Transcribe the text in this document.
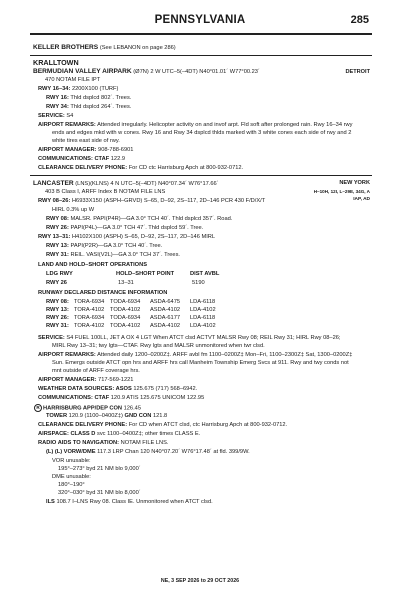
PENNSYLVANIA	285
KELLER BROTHERS (See LEBANON on page 286)
KRALLTOWN
BERMUDIAN VALLEY AIRPARK (Ø7N) 2 W UTC–5(–4DT) N40°01.01´ W77°00.23´	DETROIT
470 NOTAM FILE IPT
RWY 16–34: 2200X100 (TURF)
RWY 16: Thld dsplcd 802´. Trees.
RWY 34: Thld dsplcd 264´. Trees.
SERVICE: S4
AIRPORT REMARKS: Attended irregularly. Helicopter activity on and invof arpt. Fld soft after prolonged rain. Rwy 16–34 rwy
ends and edges mkd with w cones. Rwy 16 and Rwy 34 dsplcd thlds marked with 3 white cones each side of rwy and 2
white tires east side of rwy.
AIRPORT MANAGER: 908-788-6901
COMMUNICATIONS: CTAF 122.9
CLEARANCE DELIVERY PHONE: For CD ctc Harrisburg Apch at 800-932-0712.
LANCASTER (LNS)(KLNS) 4 N UTC–5(–4DT) N40°07.34´ W76°17.66´	NEW YORK
H–10H, 12I, L–29E, 34G, A
IAP, AD
403 B Class I, ARFF Index B NOTAM FILE LNS
RWY 08–26: H6933X150 (ASPH–GRVD) S–65, D–92, 2S–117, 2D–146 PCR 430 F/D/X/T
HIRL 0.3% up W
RWY 08: MALSR. PAPI(P4R)—GA 3.0° TCH 40´. Thld dsplcd 357´. Road.
RWY 26: PAPI(P4L)—GA 3.0° TCH 47´. Thld dsplcd 59´. Tree.
RWY 13–31: H4102X100 (ASPH) S–65, D–92, 2S–117, 2D–146 MIRL
RWY 13: PAPI(P2R)—GA 3.0° TCH 40´. Tree.
RWY 31: REIL. VASI(V2L)—GA 3.0° TCH 37´. Trees.
LAND AND HOLD–SHORT OPERATIONS
LDG RWY	HOLD–SHORT POINT	DIST AVBL
RWY 26	13–31	5190
RUNWAY DECLARED DISTANCE INFORMATION
RWY 08: TORA-6934 TODA-6934 ASDA-6475 LDA-6118
RWY 13: TORA-4102 TODA-4102 ASDA-4102 LDA-4102
RWY 26: TORA-6934 TODA-6934 ASDA-6177 LDA-6118
RWY 31: TORA-4102 TODA-4102 ASDA-4102 LDA-4102
SERVICE: S4 FUEL 100LL, JET A OX 4 LGT When ATCT clsd ACTVT MALSR Rwy 08; REIL Rwy 31; HIRL Rwy 08–26;
MIRL Rwy 13–31; twy lgts—CTAF. Rwy lgts and MALSR unmonitored when twr clsd.
AIRPORT REMARKS: Attended daily 1200–0200Z‡. ARFF avbl fm 1100–0200Z‡ Mon–Fri, 1100–2300Z‡ Sat, 1300–0200Z‡
Sun. Emergs outside ATCT opn hrs and ARFF hrs call Manheim Township Emerg Svcs at 911. Rwy and twy conds not
mnt outside of ARFF coverage hrs.
AIRPORT MANAGER: 717-569-1221
WEATHER DATA SOURCES: ASOS 125.675 (717) 568–6942.
COMMUNICATIONS: CTAF 120.9 ATIS 125.675 UNICOM 122.95
R HARRISBURG APP/DEP CON 126.45
TOWER 120.9 (1100–0400Z‡) GND CON 121.8
CLEARANCE DELIVERY PHONE: For CD when ATCT clsd, ctc Harrisburg Apch at 800-932-0712.
AIRSPACE: CLASS D svc 1100–0400Z‡; other times CLASS E.
RADIO AIDS TO NAVIGATION: NOTAM FILE LNS.
(L) (L) VORW/DME 117.3 LRP Chan 120 N40°07.20´ W76°17.48´ at fld. 399/9W.
VOR unusable:
195°–273° byd 21 NM blo 9,000´
DME unusable:
180°–190°
320°–030° byd 31 NM blo 8,000´
ILS 108.7 I–LNS Rwy 08. Class IE. Unmonitored when ATCT clsd.
NE, 3 SEP 2026 to 29 OCT 2026
